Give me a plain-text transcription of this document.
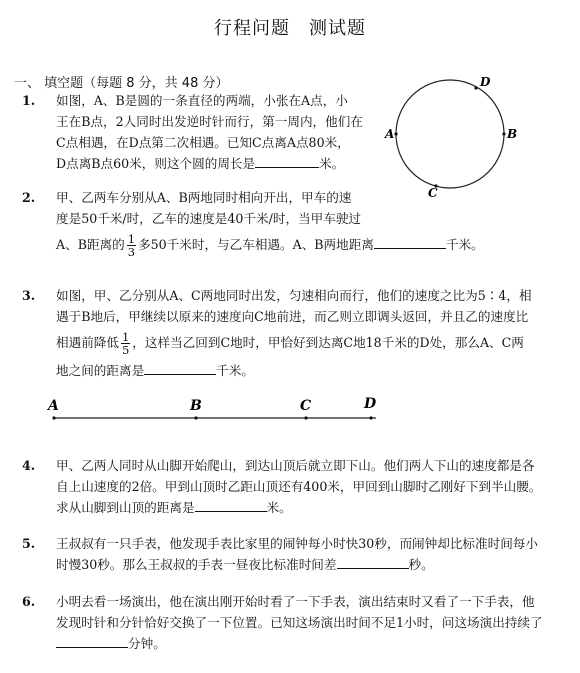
行程问题　测试题
一、 填空题（每题 8 分，共 48 分）
1.	如图，A、B是圆的一条直径的两端，小张在A点，小
王在B点，2人同时出发逆时针而行，第一周内，他们在
C点相遇，在D点第二次相遇。已知C点离A点80米，
D点离B点60米，则这个圆的周长是	米。
A	B
C
D
2.	甲、乙两车分别从A、B两地同时相向开出，甲车的速
度是50千米/时，乙车的速度是40千米/时，当甲车驶过
A、B距离的 $\frac{1}{3}$ 多50千米时，与乙车相遇。A、B两地距离	千米。
3.	如图，甲、乙分别从A、C两地同时出发，匀速相向而行，他们的速度之比为5∶4，相
遇于B地后，甲继续以原来的速度向C地前进，而乙则立即调头返回，并且乙的速度比
相遇前降低 $\frac{1}{5}$ ，这样当乙回到C地时，甲恰好到达离C地18千米的D处，那么A、C两
地之间的距离是	千米。
A	B	C	D
4.	甲、乙两人同时从山脚开始爬山，到达山顶后就立即下山。他们两人下山的速度都是各
自上山速度的2倍。甲到山顶时乙距山顶还有400米，甲回到山脚时乙刚好下到半山腰。
求从山脚到山顶的距离是	米。
5.	王叔叔有一只手表，他发现手表比家里的闹钟每小时快30秒，而闹钟却比标准时间每小
时慢30秒。那么王叔叔的手表一昼夜比标准时间差	秒。
6.	小明去看一场演出，他在演出刚开始时看了一下手表，演出结束时又看了一下手表，他
发现时针和分针恰好交换了一下位置。已知这场演出时间不足1小时，问这场演出持续了
分钟。
